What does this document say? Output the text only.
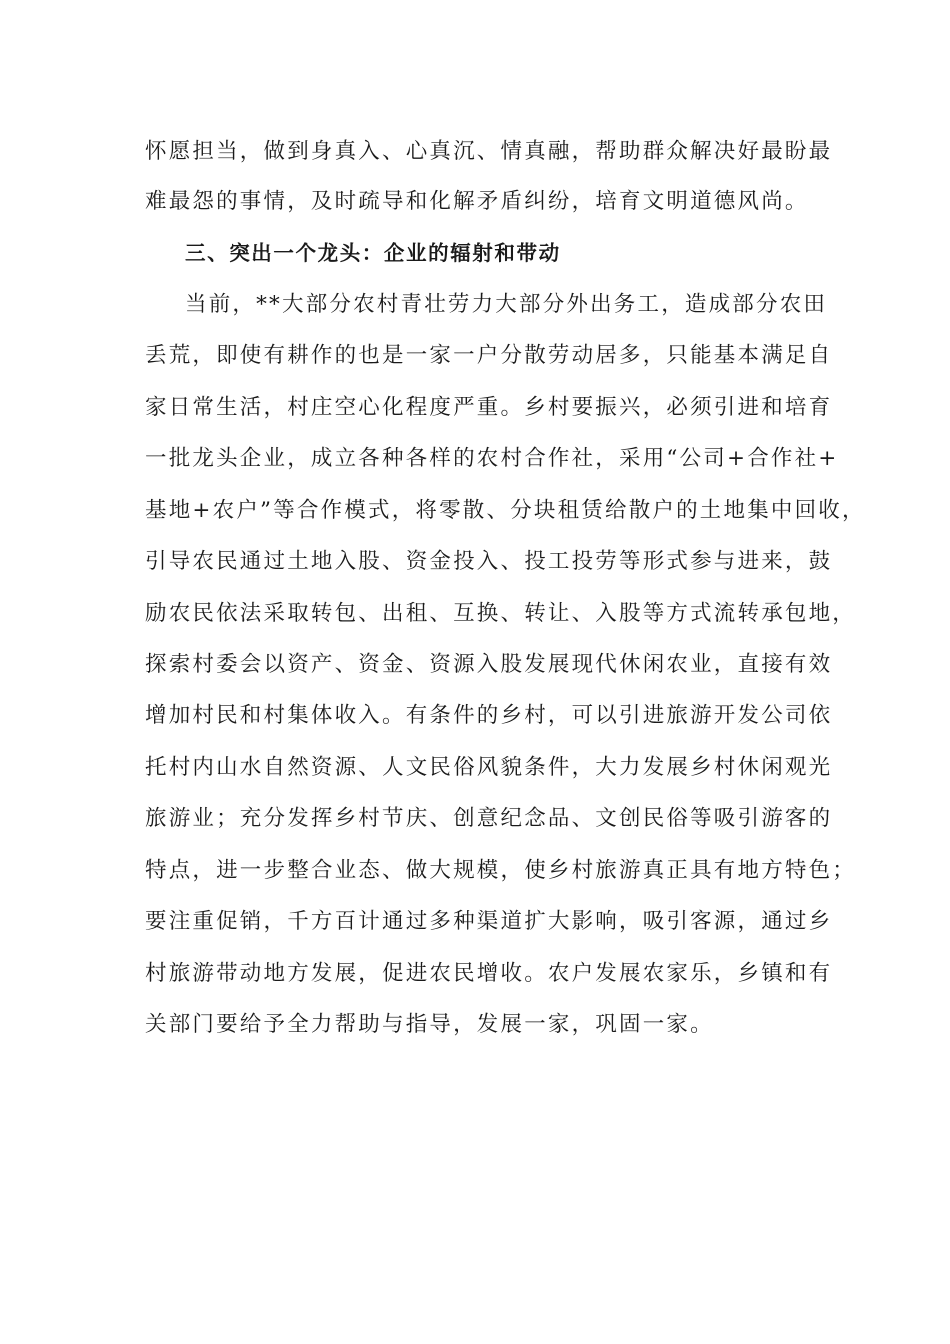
怀愿担当，做到身真入、心真沉、情真融，帮助群众解决好最盼最
难最怨的事情，及时疏导和化解矛盾纠纷，培育文明道德风尚。
三、突出一个龙头：企业的辐射和带动
当前，**大部分农村青壮劳力大部分外出务工，造成部分农田
丢荒，即使有耕作的也是一家一户分散劳动居多，只能基本满足自
家日常生活，村庄空心化程度严重。乡村要振兴，必须引进和培育
一批龙头企业，成立各种各样的农村合作社，采用“公司+合作社+
基地+农户”等合作模式，将零散、分块租赁给散户的土地集中回收，
引导农民通过土地入股、资金投入、投工投劳等形式参与进来，鼓
励农民依法采取转包、出租、互换、转让、入股等方式流转承包地，
探索村委会以资产、资金、资源入股发展现代休闲农业，直接有效
增加村民和村集体收入。有条件的乡村，可以引进旅游开发公司依
托村内山水自然资源、人文民俗风貌条件，大力发展乡村休闲观光
旅游业；充分发挥乡村节庆、创意纪念品、文创民俗等吸引游客的
特点，进一步整合业态、做大规模，使乡村旅游真正具有地方特色；
要注重促销，千方百计通过多种渠道扩大影响，吸引客源，通过乡
村旅游带动地方发展，促进农民增收。农户发展农家乐，乡镇和有
关部门要给予全力帮助与指导，发展一家，巩固一家。
